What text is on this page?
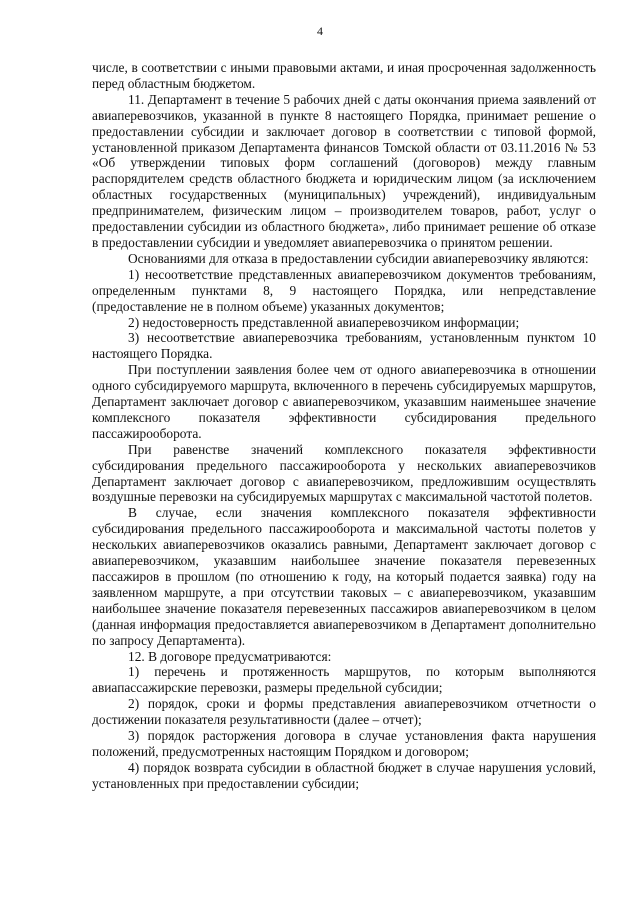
4

числе, в соответствии с иными правовыми актами, и иная просроченная задолженность перед областным бюджетом.

11. Департамент в течение 5 рабочих дней с даты окончания приема заявлений от авиаперевозчиков, указанной в пункте 8 настоящего Порядка, принимает решение о предоставлении субсидии и заключает договор в соответствии с типовой формой, установленной приказом Департамента финансов Томской области от 03.11.2016 № 53 «Об утверждении типовых форм соглашений (договоров) между главным распорядителем средств областного бюджета и юридическим лицом (за исключением областных государственных (муниципальных) учреждений), индивидуальным предпринимателем, физическим лицом – производителем товаров, работ, услуг о предоставлении субсидии из областного бюджета», либо принимает решение об отказе в предоставлении субсидии и уведомляет авиаперевозчика о принятом решении.

Основаниями для отказа в предоставлении субсидии авиаперевозчику являются:

1) несоответствие представленных авиаперевозчиком документов требованиям, определенным пунктами 8, 9 настоящего Порядка, или непредставление (предоставление не в полном объеме) указанных документов;

2) недостоверность представленной авиаперевозчиком информации;

3) несоответствие авиаперевозчика требованиям, установленным пунктом 10 настоящего Порядка.

При поступлении заявления более чем от одного авиаперевозчика в отношении одного субсидируемого маршрута, включенного в перечень субсидируемых маршрутов, Департамент заключает договор с авиаперевозчиком, указавшим наименьшее значение комплексного показателя эффективности субсидирования предельного пассажирооборота.

При равенстве значений комплексного показателя эффективности субсидирования предельного пассажирооборота у нескольких авиаперевозчиков Департамент заключает договор с авиаперевозчиком, предложившим осуществлять воздушные перевозки на субсидируемых маршрутах с максимальной частотой полетов.

В случае, если значения комплексного показателя эффективности субсидирования предельного пассажирооборота и максимальной частоты полетов у нескольких авиаперевозчиков оказались равными, Департамент заключает договор с авиаперевозчиком, указавшим наибольшее значение показателя перевезенных пассажиров в прошлом (по отношению к году, на который подается заявка) году на заявленном маршруте, а при отсутствии таковых – с авиаперевозчиком, указавшим наибольшее значение показателя перевезенных пассажиров авиаперевозчиком в целом (данная информация предоставляется авиаперевозчиком в Департамент дополнительно по запросу Департамента).

12. В договоре предусматриваются:

1) перечень и протяженность маршрутов, по которым выполняются авиапассажирские перевозки, размеры предельной субсидии;

2) порядок, сроки и формы представления авиаперевозчиком отчетности о достижении показателя результативности (далее – отчет);

3) порядок расторжения договора в случае установления факта нарушения положений, предусмотренных настоящим Порядком и договором;

4) порядок возврата субсидии в областной бюджет в случае нарушения условий, установленных при предоставлении субсидии;
